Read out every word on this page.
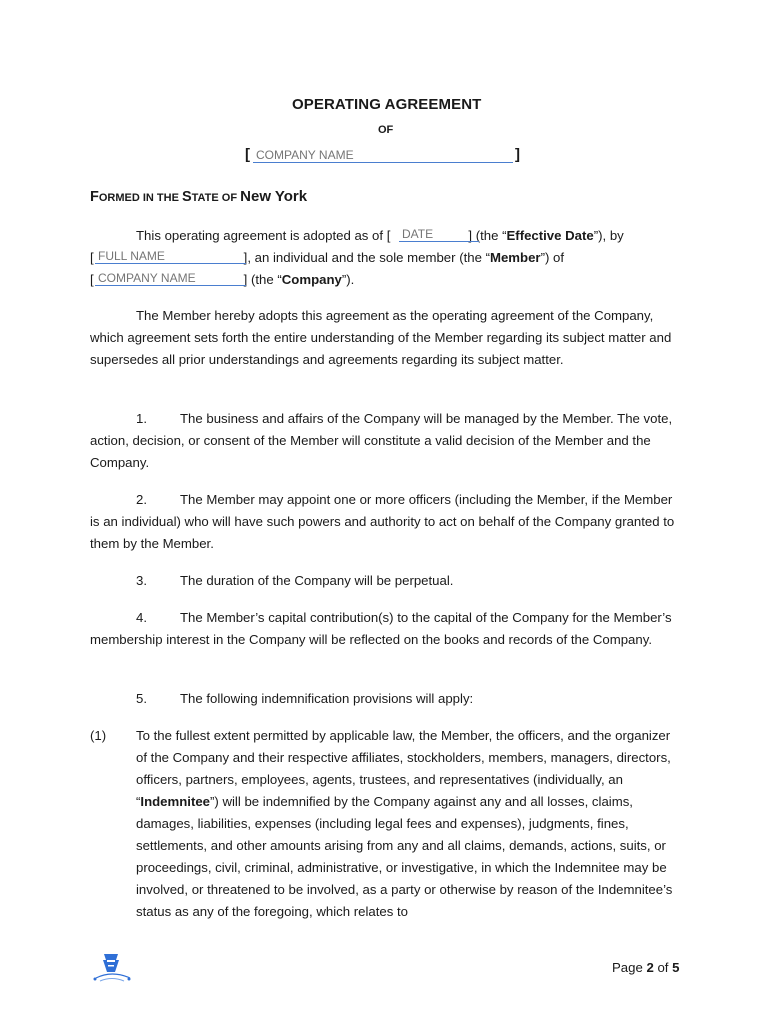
OPERATING AGREEMENT
OF
[
COMPANY NAME	]
FORMED IN THE STATE OF New York
This operating agreement is adopted as of [	] (the “Effective Date”), by
DATE
[	], an individual and the sole member (the “Member”) of
FULL NAME
[	] (the “Company”).
COMPANY NAME
The Member hereby adopts this agreement as the operating agreement of the Company, which agreement sets forth the entire understanding of the Member regarding its subject matter and supersedes all prior understandings and agreements regarding its subject matter.
1.	The business and affairs of the Company will be managed by the Member. The vote, action, decision, or consent of the Member will constitute a valid decision of the Member and the Company.
2.	The Member may appoint one or more officers (including the Member, if the Member is an individual) who will have such powers and authority to act on behalf of the Company granted to them by the Member.
3.	The duration of the Company will be perpetual.
4.	The Member’s capital contribution(s) to the capital of the Company for the Member’s membership interest in the Company will be reflected on the books and records of the Company.
5.	The following indemnification provisions will apply:
(1) To the fullest extent permitted by applicable law, the Member, the officers, and the organizer of the Company and their respective affiliates, stockholders, members, managers, directors, officers, partners, employees, agents, trustees, and representatives (individually, an “Indemnitee”) will be indemnified by the Company against any and all losses, claims, damages, liabilities, expenses (including legal fees and expenses), judgments, fines, settlements, and other amounts arising from any and all claims, demands, actions, suits, or proceedings, civil, criminal, administrative, or investigative, in which the Indemnitee may be involved, or threatened to be involved, as a party or otherwise by reason of the Indemnitee’s status as any of the foregoing, which relates to
Page 2 of 5
